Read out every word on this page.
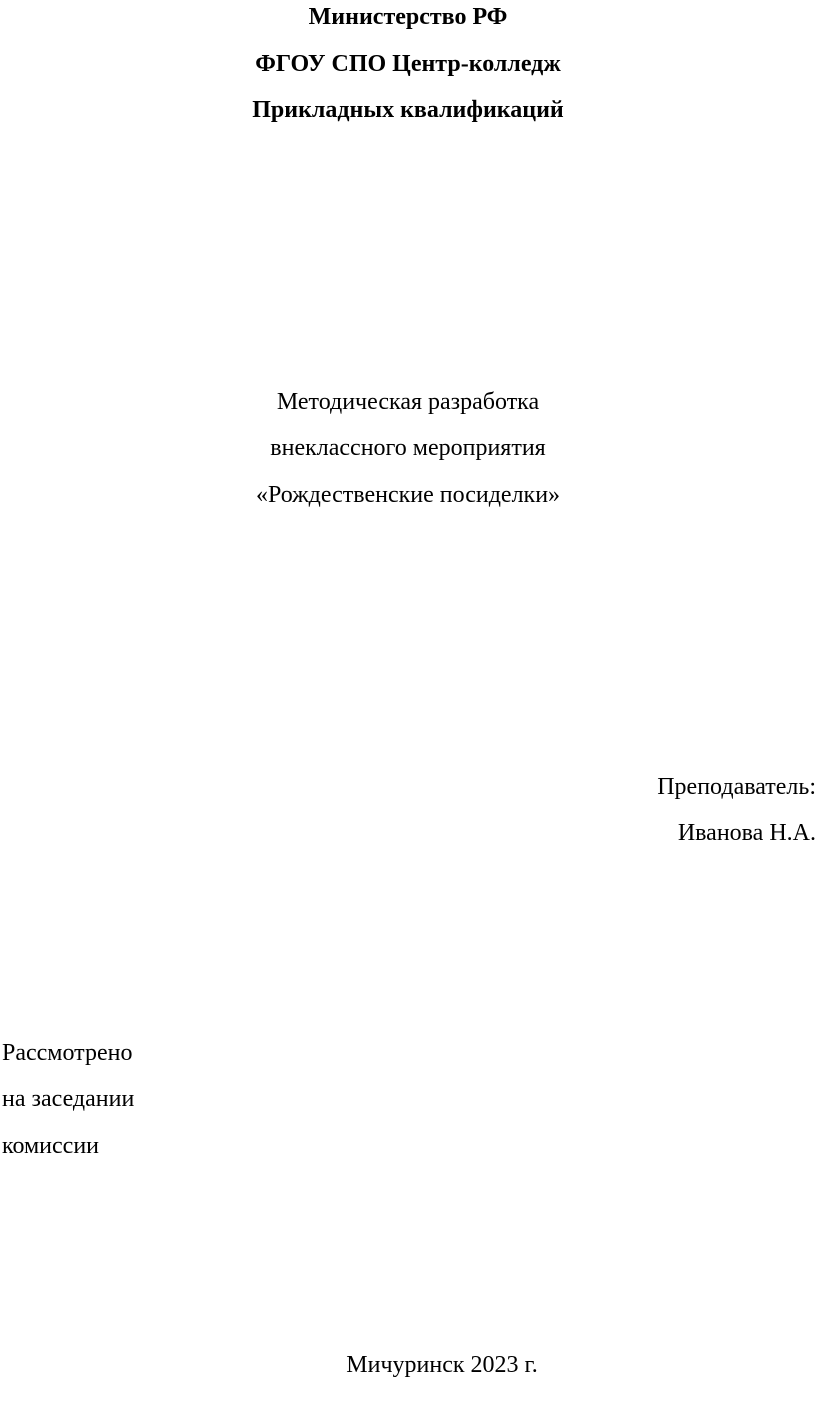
Министерство РФ

ФГОУ СПО Центр-колледж

Прикладных квалификаций

Методическая разработка

внеклассного мероприятия

«Рождественские посиделки»

Преподаватель:

Иванова Н.А.

Рассмотрено

на заседании

комиссии

Мичуринск 2023 г.
